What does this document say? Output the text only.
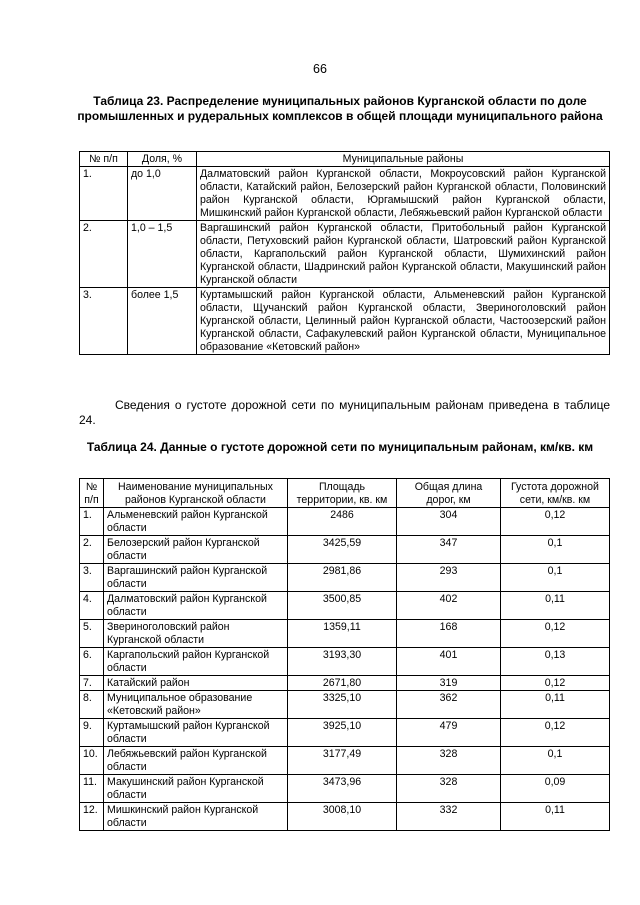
66
Таблица 23. Распределение муниципальных районов Курганской области по доле промышленных и рудеральных комплексов в общей площади муниципального района
№ п/п	Доля, %	Муниципальные районы
1.	до 1,0	Далматовский район Курганской области, Мокроусовский район Курганской области, Катайский район, Белозерский район Курганской области, Половинский район Курганской области, Юргамышский район Курганской области, Мишкинский район Курганской области, Лебяжьевский район Курганской области
2.	1,0 – 1,5	Варгашинский район Курганской области, Притобольный район Курганской области, Петуховский район Курганской области, Шатровский район Курганской области, Каргапольский район Курганской области, Шумихинский район Курганской области, Шадринский район Курганской области, Макушинский район Курганской области
3.	более 1,5	Куртамышский район Курганской области, Альменевский район Курганской области, Щучанский район Курганской области, Звериноголовский район Курганской области, Целинный район Курганской области, Частоозерский район Курганской области, Сафакулевский район Курганской области, Муниципальное образование «Кетовский район»

Сведения о густоте дорожной сети по муниципальным районам приведена в таблице 24.

Таблица 24. Данные о густоте дорожной сети по муниципальным районам, км/кв. км
№ п/п	Наименование муниципальных районов Курганской области	Площадь территории, кв. км	Общая длина дорог, км	Густота дорожной сети, км/кв. км
1.	Альменевский район Курганской области	2486	304	0,12
2.	Белозерский район Курганской области	3425,59	347	0,1
3.	Варгашинский район Курганской области	2981,86	293	0,1
4.	Далматовский район Курганской области	3500,85	402	0,11
5.	Звериноголовский район Курганской области	1359,11	168	0,12
6.	Каргапольский район Курганской области	3193,30	401	0,13
7.	Катайский район	2671,80	319	0,12
8.	Муниципальное образование «Кетовский район»	3325,10	362	0,11
9.	Куртамышский район Курганской области	3925,10	479	0,12
10.	Лебяжьевский район Курганской области	3177,49	328	0,1
11.	Макушинский район Курганской области	3473,96	328	0,09
12.	Мишкинский район Курганской области	3008,10	332	0,11
